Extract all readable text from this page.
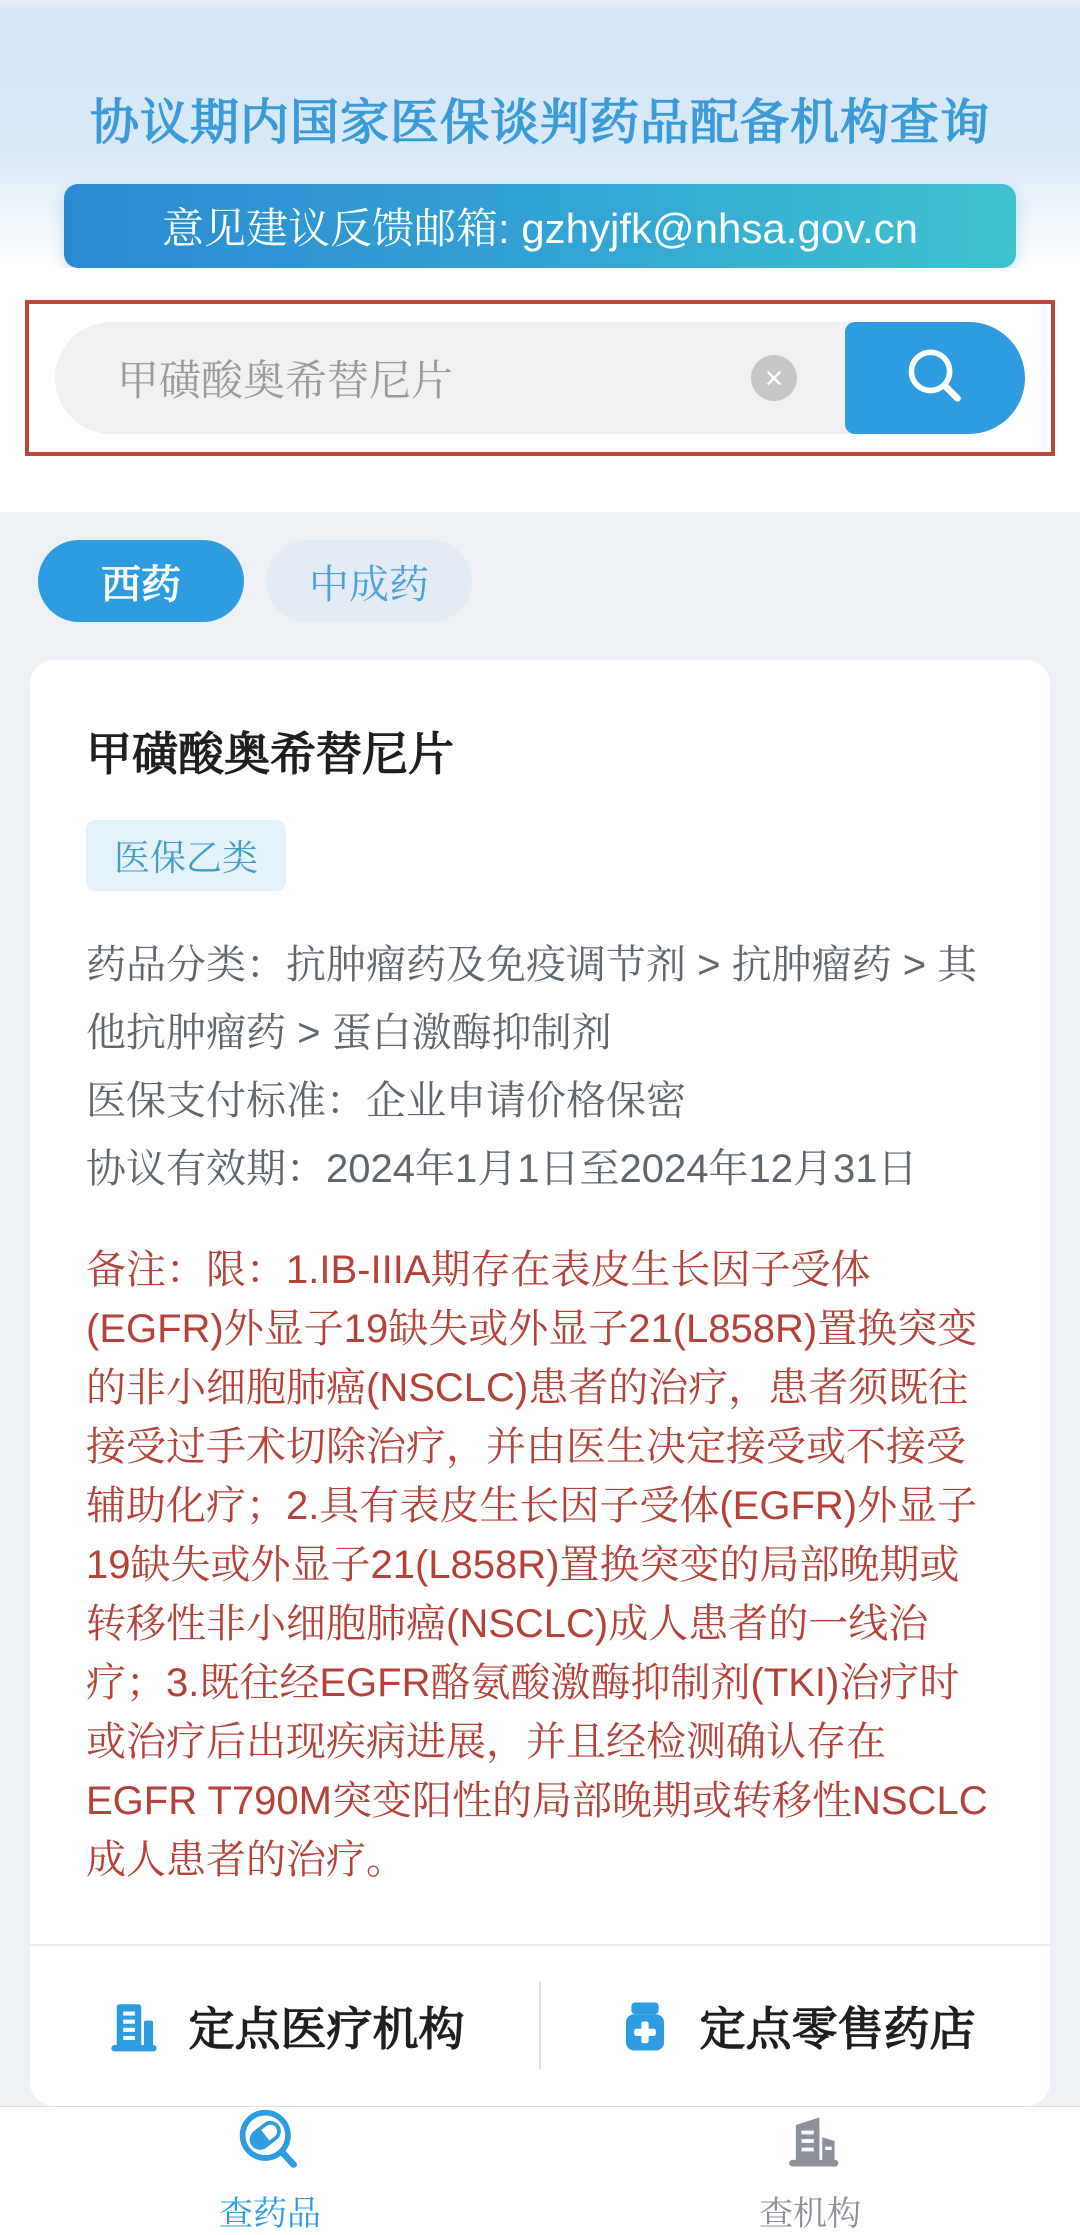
协议期内国家医保谈判药品配备机构查询
意见建议反馈邮箱: gzhyjfk@nhsa.gov.cn
甲磺酸奥希替尼片
×
西药	中成药
甲磺酸奥希替尼片
医保乙类

药品分类：抗肿瘤药及免疫调节剂 > 抗肿瘤药 > 其他抗肿瘤药 > 蛋白激酶抑制剂

医保支付标准：企业申请价格保密

协议有效期：2024年1月1日至2024年12月31日

备注：限：1.IB-IIIA期存在表皮生长因子受体(EGFR)外显子19缺失或外显子21(L858R)置换突变的非小细胞肺癌(NSCLC)患者的治疗，患者须既往接受过手术切除治疗，并由医生决定接受或不接受辅助化疗；2.具有表皮生长因子受体(EGFR)外显子19缺失或外显子21(L858R)置换突变的局部晚期或转移性非小细胞肺癌(NSCLC)成人患者的一线治疗；3.既往经EGFR酪氨酸激酶抑制剂(TKI)治疗时或治疗后出现疾病进展，并且经检测确认存在EGFR T790M突变阳性的局部晚期或转移性NSCLC成人患者的治疗。

定点医疗机构	定点零售药店
查药品	查机构
